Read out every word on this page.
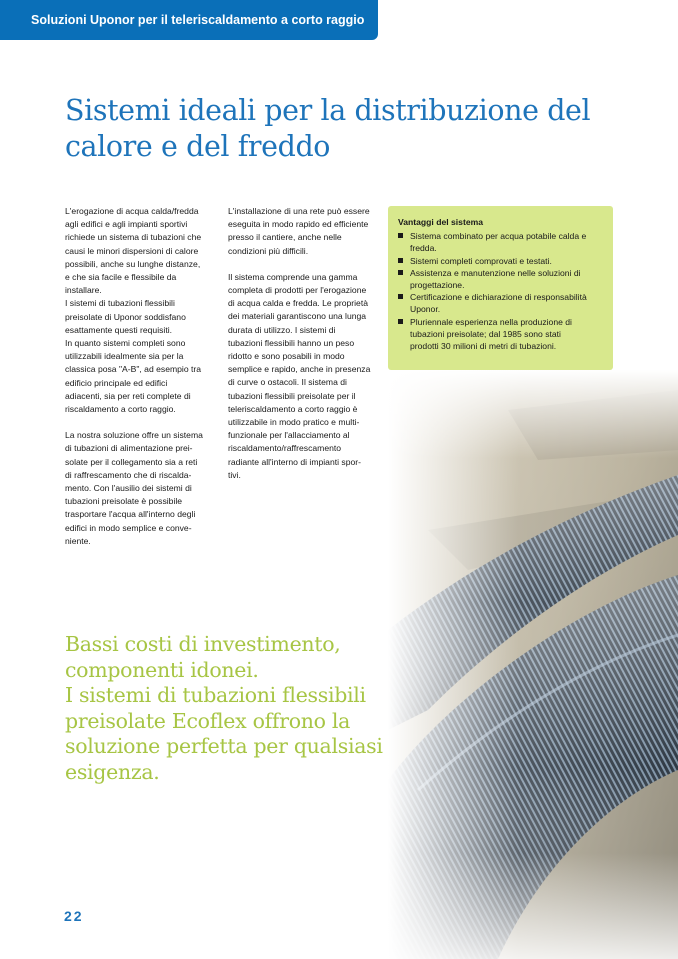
Soluzioni Uponor per il teleriscaldamento a corto raggio
Sistemi ideali per la distribuzione del
calore e del freddo

L'erogazione di acqua calda/fredda
agli edifici e agli impianti sportivi
richiede un sistema di tubazioni che
causi le minori dispersioni di calore
possibili, anche su lunghe distanze,
e che sia facile e flessibile da installare.
I sistemi di tubazioni flessibili
preisolate di Uponor soddisfano
esattamente questi requisiti.
In quanto sistemi completi sono
utilizzabili idealmente sia per la
classica posa "A-B", ad esempio tra
edificio principale ed edifici
adiacenti, sia per reti complete di
riscaldamento a corto raggio.

La nostra soluzione offre un sistema
di tubazioni di alimentazione prei-
solate per il collegamento sia a reti
di raffrescamento che di riscalda-
mento. Con l'ausilio dei sistemi di
tubazioni preisolate è possibile
trasportare l'acqua all'interno degli
edifici in modo semplice e conve-
niente.

L'installazione di una rete può essere
eseguita in modo rapido ed efficiente
presso il cantiere, anche nelle
condizioni più difficili.

Il sistema comprende una gamma
completa di prodotti per l'erogazione
di acqua calda e fredda. Le proprietà
dei materiali garantiscono una lunga
durata di utilizzo. I sistemi di
tubazioni flessibili hanno un peso
ridotto e sono posabili in modo
semplice e rapido, anche in presenza
di curve o ostacoli. Il sistema di
tubazioni flessibili preisolate per il
teleriscaldamento a corto raggio è
utilizzabile in modo pratico e multi-
funzionale per l'allacciamento al
riscaldamento/raffrescamento
radiante all'interno di impianti spor-
tivi.

Vantaggi del sistema
Sistema combinato per acqua potabile calda e
fredda.
Sistemi completi comprovati e testati.
Assistenza e manutenzione nelle soluzioni di
progettazione.
Certificazione e dichiarazione di responsabilità
Uponor.
Pluriennale esperienza nella produzione di
tubazioni preisolate; dal 1985 sono stati
prodotti 30 milioni di metri di tubazioni.

Bassi costi di investimento,
componenti idonei.
I sistemi di tubazioni flessibili
preisolate Ecoflex offrono la
soluzione perfetta per qualsiasi
esigenza.

22
